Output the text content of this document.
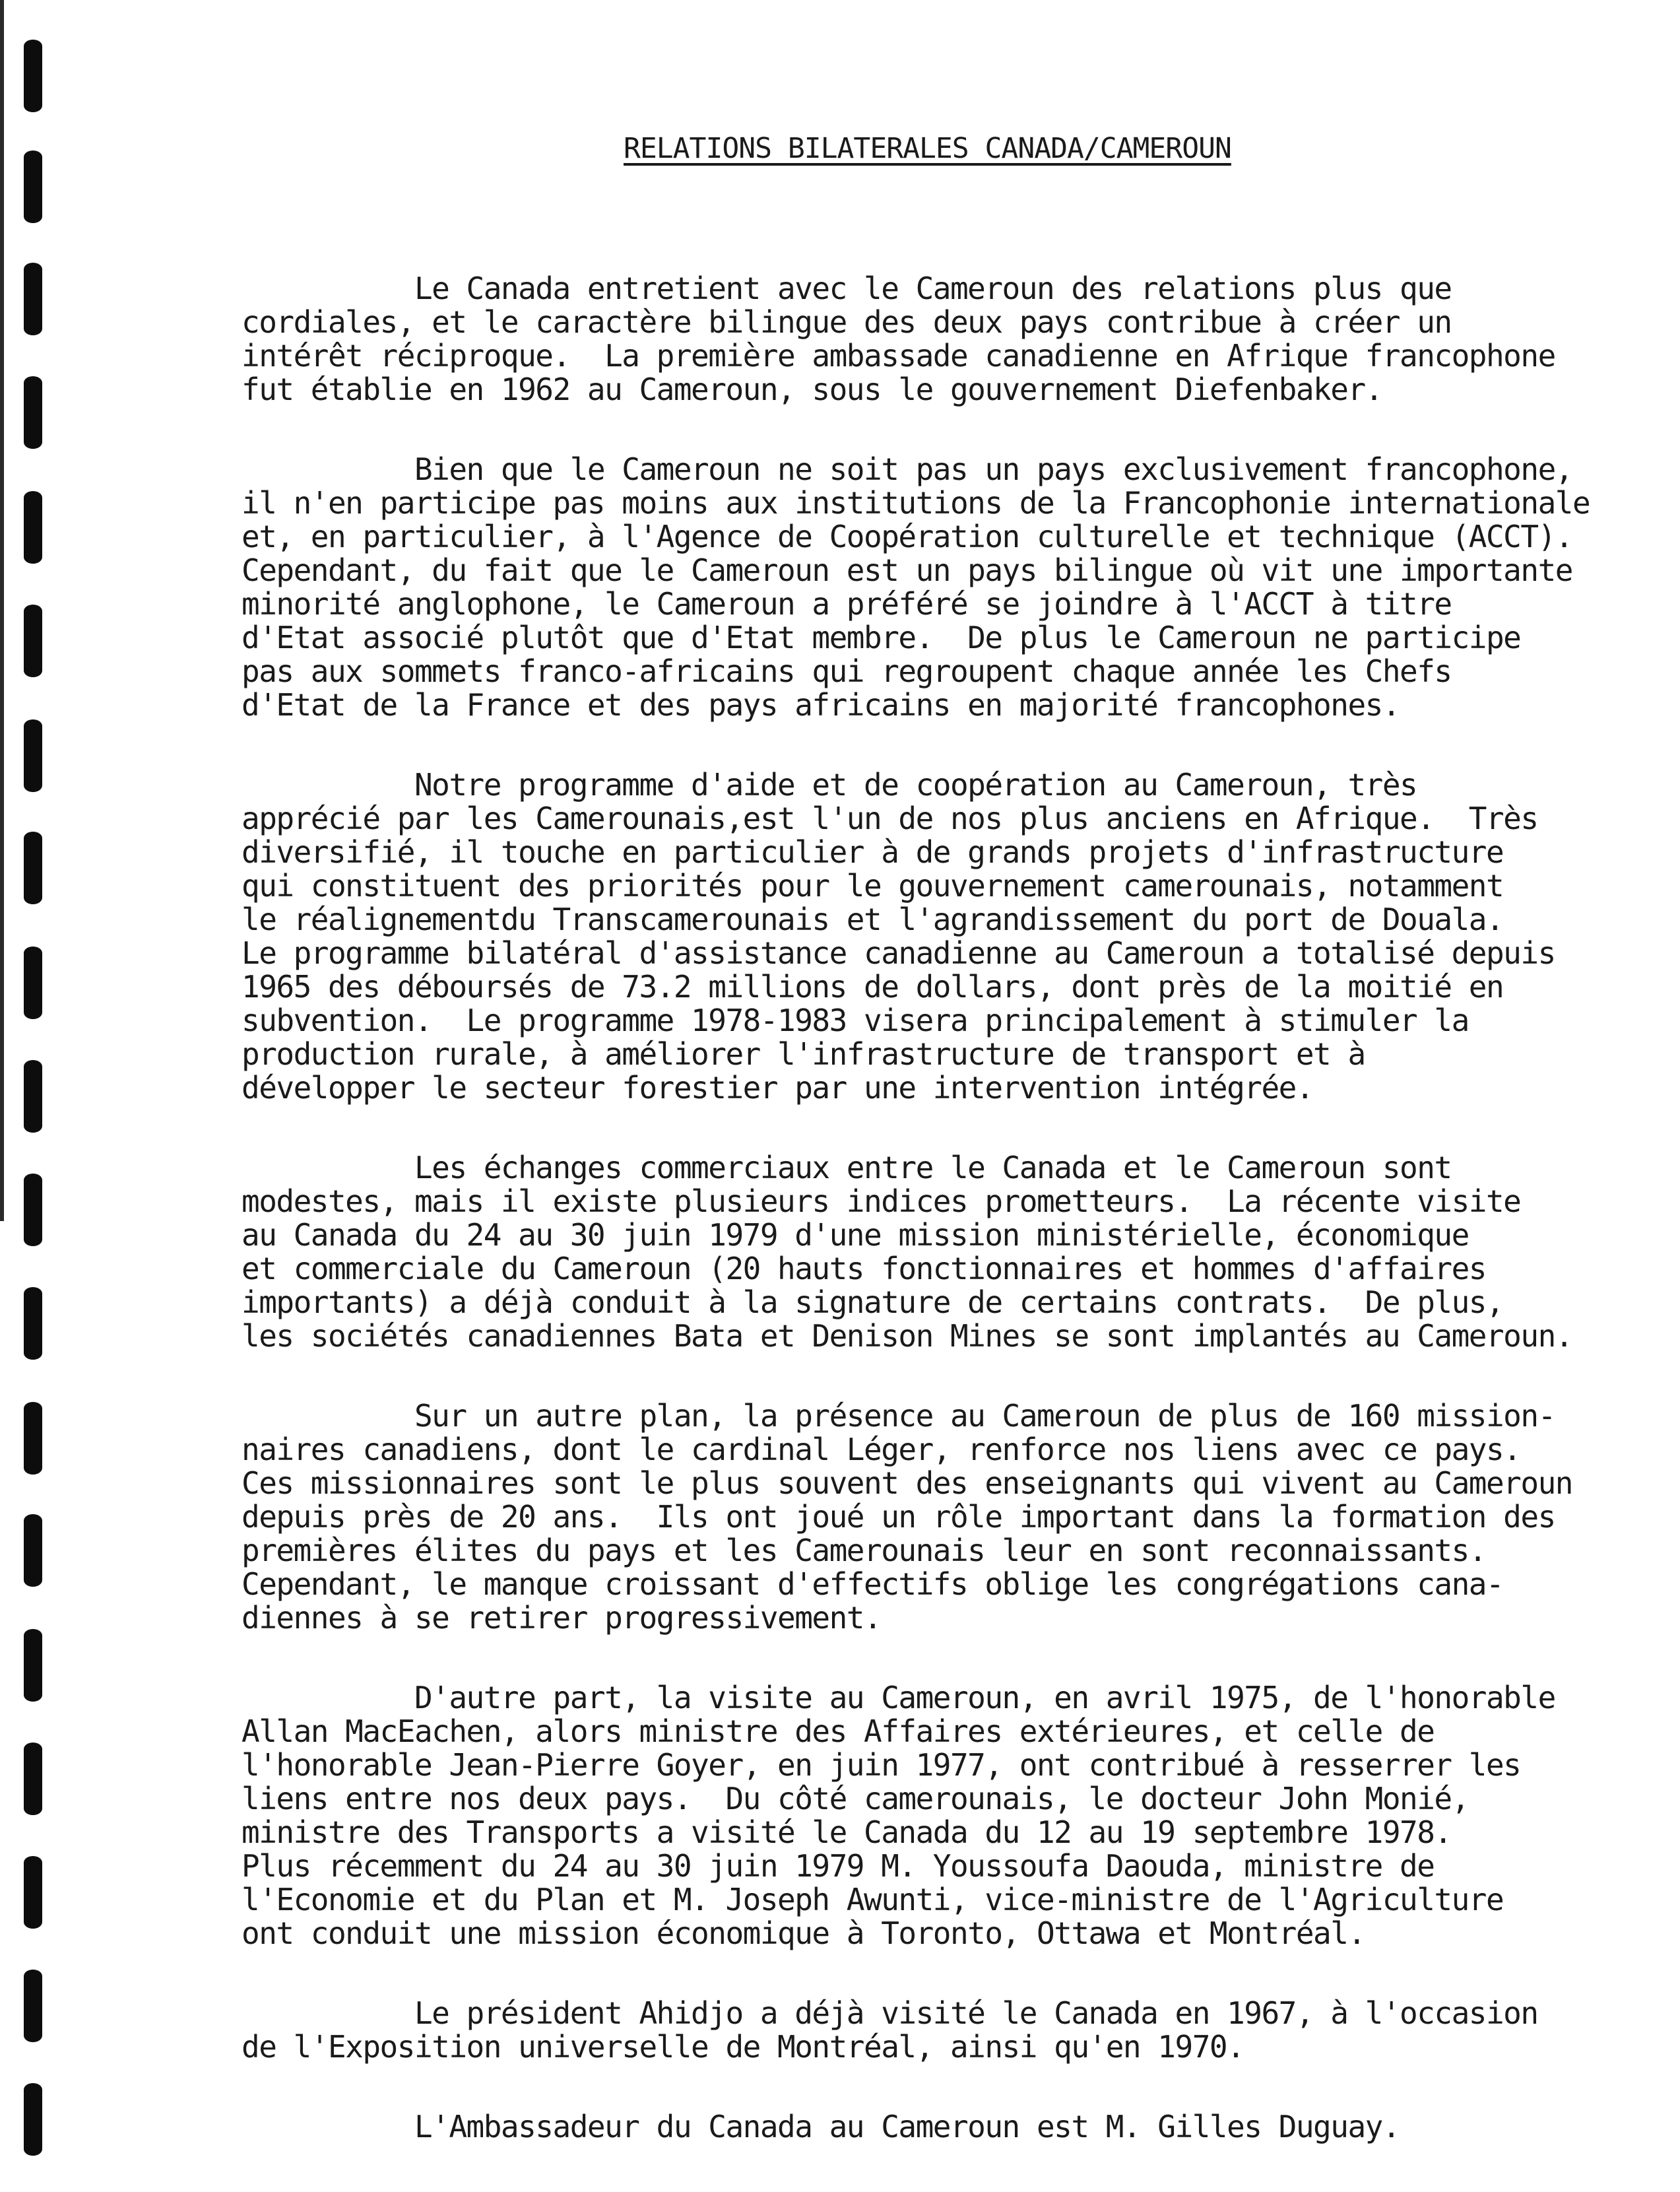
RELATIONS BILATERALES CANADA/CAMEROUN
Le Canada entretient avec le Cameroun des relations plus que
cordiales, et le caractère bilingue des deux pays contribue à créer un
intérêt réciproque.  La première ambassade canadienne en Afrique francophone
fut établie en 1962 au Cameroun, sous le gouvernement Diefenbaker.
Bien que le Cameroun ne soit pas un pays exclusivement francophone,
il n'en participe pas moins aux institutions de la Francophonie internationale
et, en particulier, à l'Agence de Coopération culturelle et technique (ACCT).
Cependant, du fait que le Cameroun est un pays bilingue où vit une importante
minorité anglophone, le Cameroun a préféré se joindre à l'ACCT à titre
d'Etat associé plutôt que d'Etat membre.  De plus le Cameroun ne participe
pas aux sommets franco-africains qui regroupent chaque année les Chefs
d'Etat de la France et des pays africains en majorité francophones.
Notre programme d'aide et de coopération au Cameroun, très
apprécié par les Camerounais,est l'un de nos plus anciens en Afrique.  Très
diversifié, il touche en particulier à de grands projets d'infrastructure
qui constituent des priorités pour le gouvernement camerounais, notamment
le réalignementdu Transcamerounais et l'agrandissement du port de Douala.
Le programme bilatéral d'assistance canadienne au Cameroun a totalisé depuis
1965 des déboursés de 73.2 millions de dollars, dont près de la moitié en
subvention.  Le programme 1978-1983 visera principalement à stimuler la
production rurale, à améliorer l'infrastructure de transport et à
développer le secteur forestier par une intervention intégrée.
Les échanges commerciaux entre le Canada et le Cameroun sont
modestes, mais il existe plusieurs indices prometteurs.  La récente visite
au Canada du 24 au 30 juin 1979 d'une mission ministérielle, économique
et commerciale du Cameroun (20 hauts fonctionnaires et hommes d'affaires
importants) a déjà conduit à la signature de certains contrats.  De plus,
les sociétés canadiennes Bata et Denison Mines se sont implantés au Cameroun.
Sur un autre plan, la présence au Cameroun de plus de 160 mission-
naires canadiens, dont le cardinal Léger, renforce nos liens avec ce pays.
Ces missionnaires sont le plus souvent des enseignants qui vivent au Cameroun
depuis près de 20 ans.  Ils ont joué un rôle important dans la formation des
premières élites du pays et les Camerounais leur en sont reconnaissants.
Cependant, le manque croissant d'effectifs oblige les congrégations cana-
diennes à se retirer progressivement.
D'autre part, la visite au Cameroun, en avril 1975, de l'honorable
Allan MacEachen, alors ministre des Affaires extérieures, et celle de
l'honorable Jean-Pierre Goyer, en juin 1977, ont contribué à resserrer les
liens entre nos deux pays.  Du côté camerounais, le docteur John Monié,
ministre des Transports a visité le Canada du 12 au 19 septembre 1978.
Plus récemment du 24 au 30 juin 1979 M. Youssoufa Daouda, ministre de
l'Economie et du Plan et M. Joseph Awunti, vice-ministre de l'Agriculture
ont conduit une mission économique à Toronto, Ottawa et Montréal.
Le président Ahidjo a déjà visité le Canada en 1967, à l'occasion
de l'Exposition universelle de Montréal, ainsi qu'en 1970.
L'Ambassadeur du Canada au Cameroun est M. Gilles Duguay.
